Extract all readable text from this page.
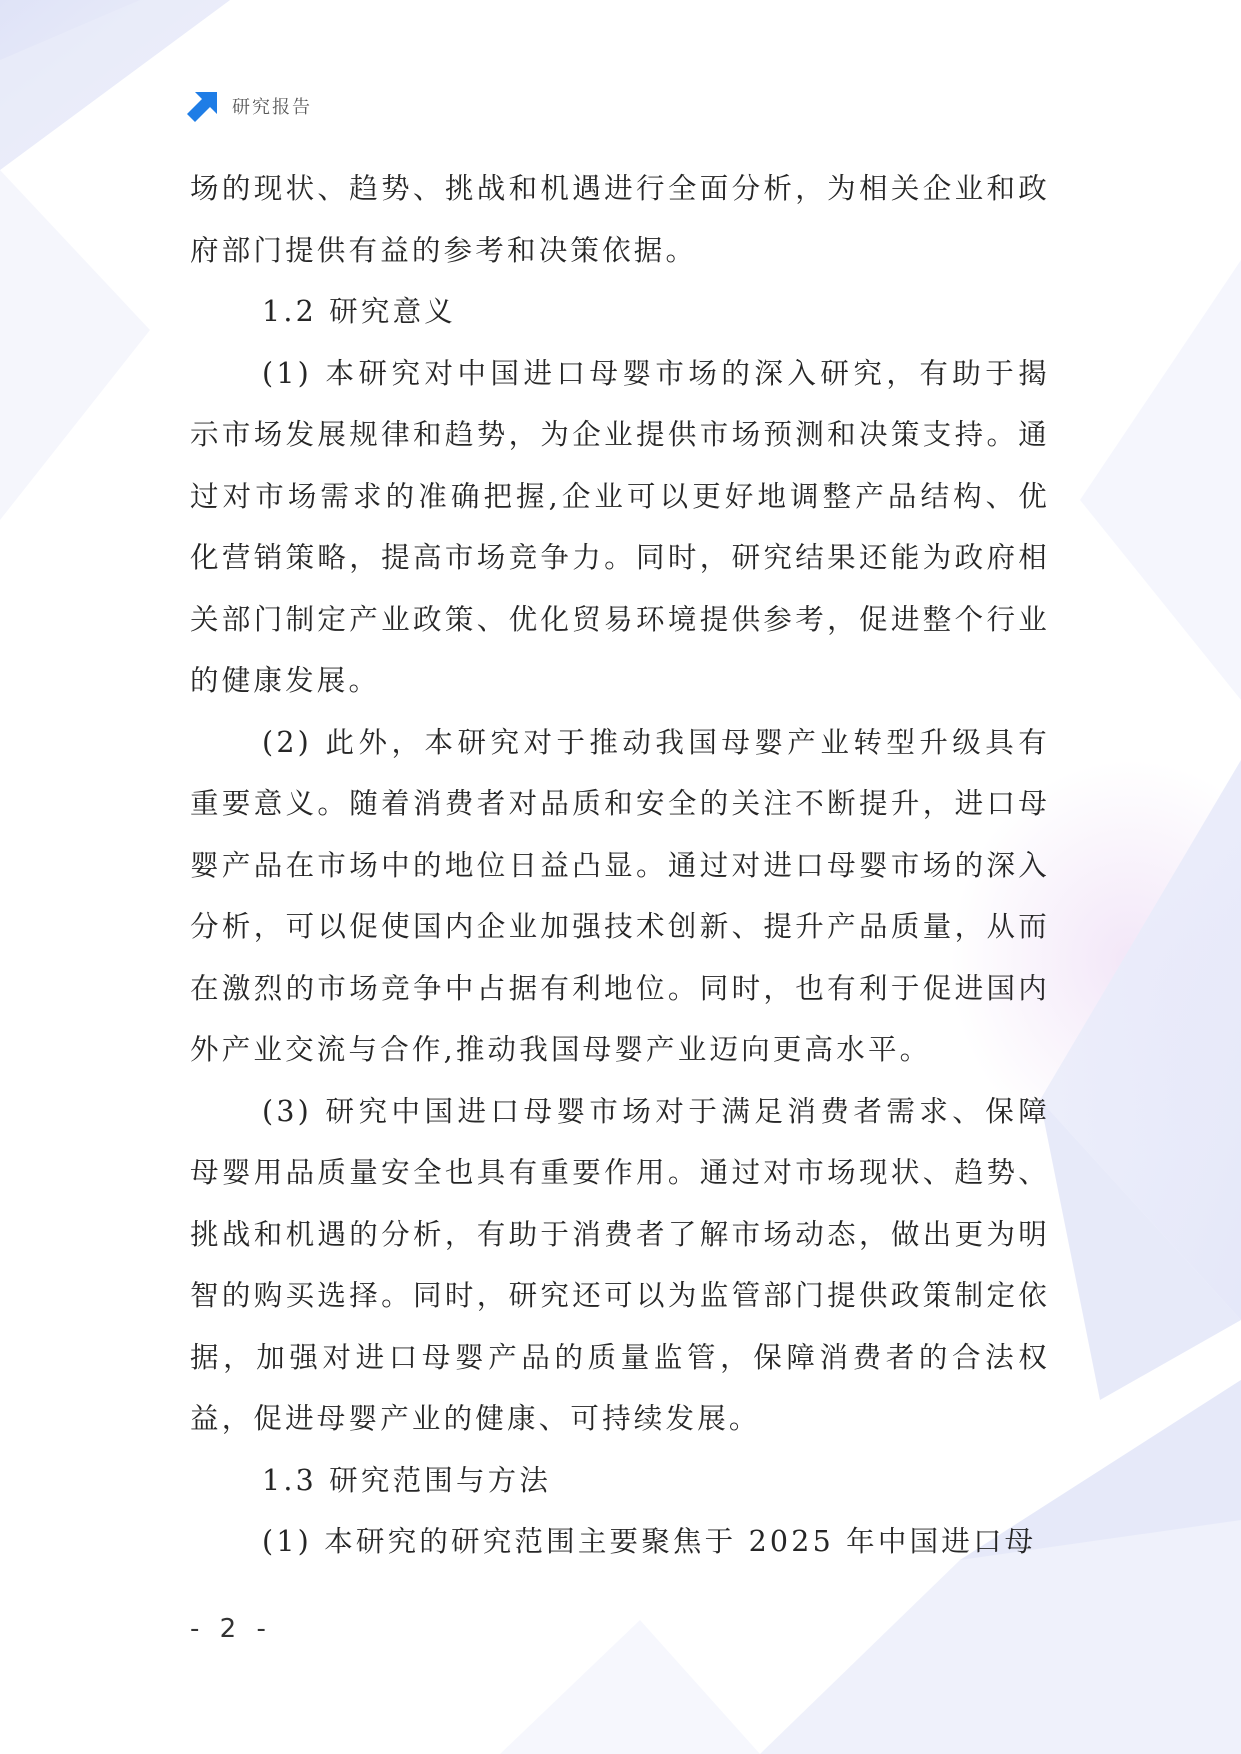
研究报告

场的现状、趋势、挑战和机遇进行全面分析，为相关企业和政府部门提供有益的参考和决策依据。

1.2 研究意义

(1) 本研究对中国进口母婴市场的深入研究，有助于揭示市场发展规律和趋势，为企业提供市场预测和决策支持。通过对市场需求的准确把握,企业可以更好地调整产品结构、优化营销策略，提高市场竞争力。同时，研究结果还能为政府相关部门制定产业政策、优化贸易环境提供参考，促进整个行业的健康发展。

(2) 此外，本研究对于推动我国母婴产业转型升级具有重要意义。随着消费者对品质和安全的关注不断提升，进口母婴产品在市场中的地位日益凸显。通过对进口母婴市场的深入分析，可以促使国内企业加强技术创新、提升产品质量，从而在激烈的市场竞争中占据有利地位。同时，也有利于促进国内外产业交流与合作,推动我国母婴产业迈向更高水平。

(3) 研究中国进口母婴市场对于满足消费者需求、保障母婴用品质量安全也具有重要作用。通过对市场现状、趋势、挑战和机遇的分析，有助于消费者了解市场动态，做出更为明智的购买选择。同时，研究还可以为监管部门提供政策制定依据，加强对进口母婴产品的质量监管，保障消费者的合法权益，促进母婴产业的健康、可持续发展。

1.3 研究范围与方法

(1) 本研究的研究范围主要聚焦于 2025 年中国进口母

- 2 -
